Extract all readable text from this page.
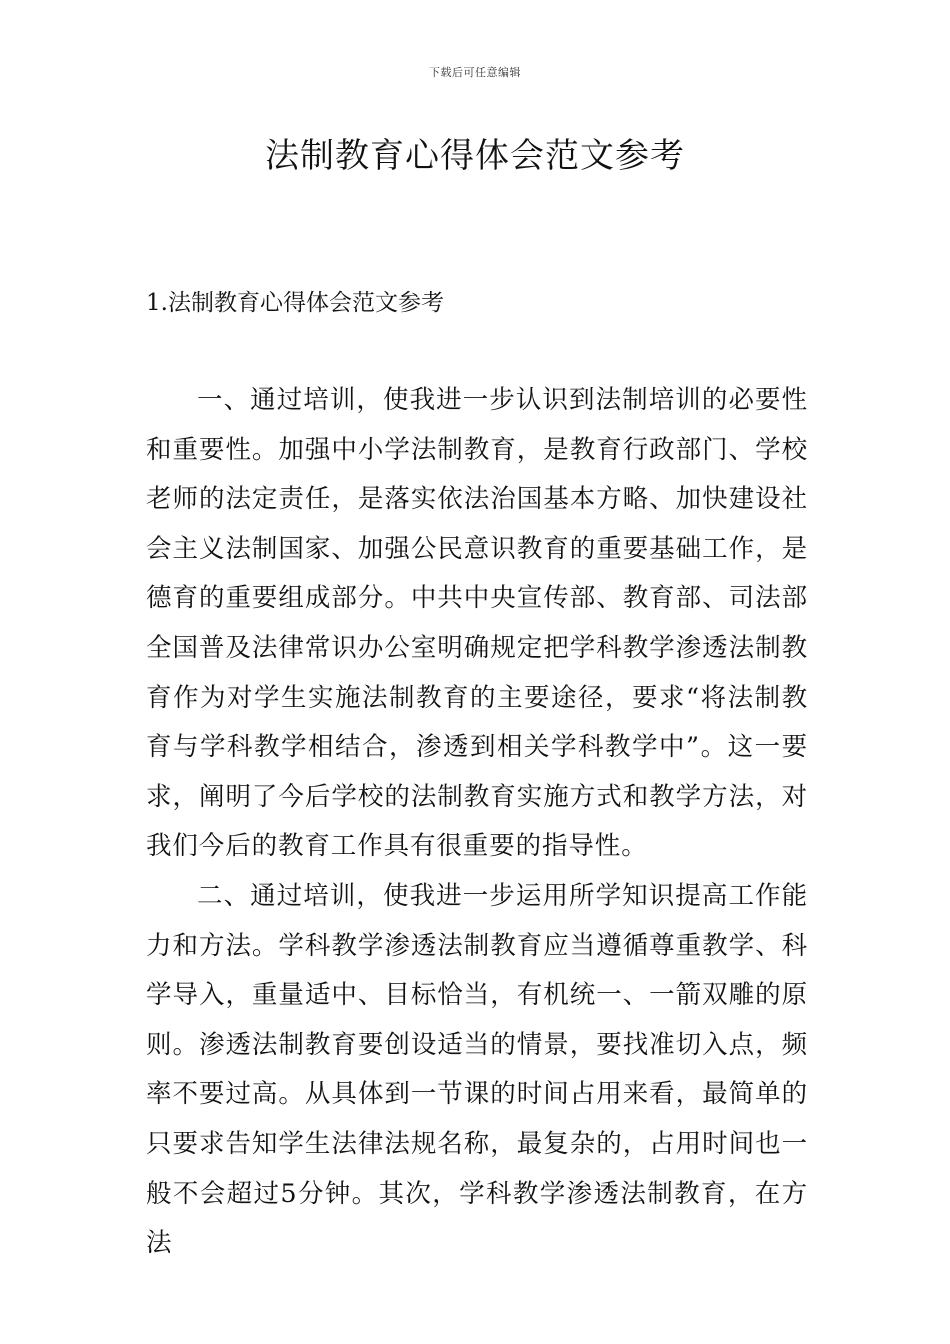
下载后可任意编辑
法制教育心得体会范文参考
1.法制教育心得体会范文参考

一、通过培训，使我进一步认识到法制培训的必要性和重要性。加强中小学法制教育，是教育行政部门、学校老师的法定责任，是落实依法治国基本方略、加快建设社会主义法制国家、加强公民意识教育的重要基础工作，是德育的重要组成部分。中共中央宣传部、教育部、司法部全国普及法律常识办公室明确规定把学科教学渗透法制教育作为对学生实施法制教育的主要途径，要求“将法制教育与学科教学相结合，渗透到相关学科教学中”。这一要求，阐明了今后学校的法制教育实施方式和教学方法，对我们今后的教育工作具有很重要的指导性。

二、通过培训，使我进一步运用所学知识提高工作能力和方法。学科教学渗透法制教育应当遵循尊重教学、科学导入，重量适中、目标恰当，有机统一、一箭双雕的原则。渗透法制教育要创设适当的情景，要找准切入点，频率不要过高。从具体到一节课的时间占用来看，最简单的只要求告知学生法律法规名称，最复杂的，占用时间也一般不会超过5分钟。其次，学科教学渗透法制教育，在方法
